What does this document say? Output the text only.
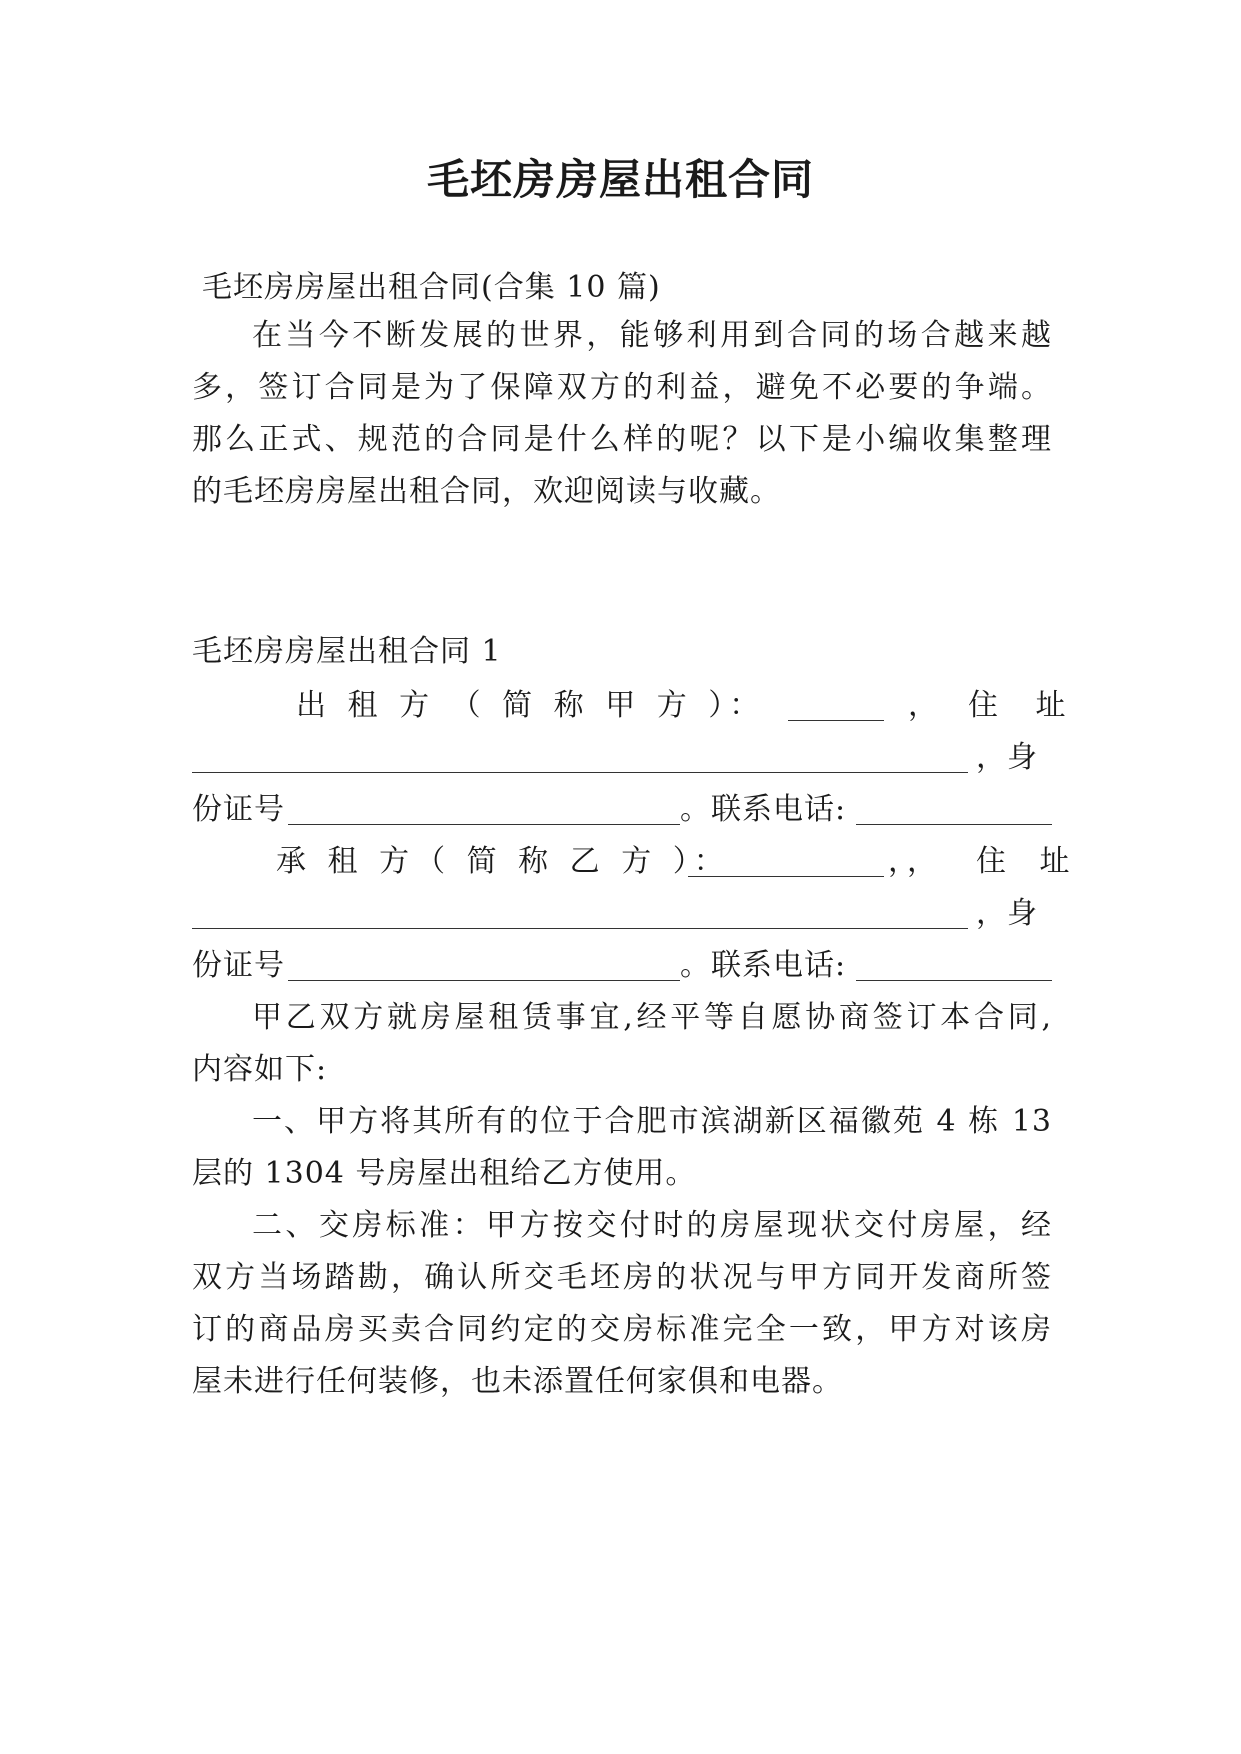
毛坯房房屋出租合同
毛坯房房屋出租合同(合集 10 篇)
在当今不断发展的世界，能够利用到合同的场合越来越
多，签订合同是为了保障双方的利益，避免不必要的争端。
那么正式、规范的合同是什么样的呢？以下是小编收集整理
的毛坯房房屋出租合同，欢迎阅读与收藏。
毛坯房房屋出租合同 1
出 租 方 （ 简 称 甲 方 ）：	， 住 址
，身
份证号	。联系电话:
承 租 方（ 简 称 乙 方 ）：	，， 住 址
，身
份证号	。联系电话:
甲乙双方就房屋租赁事宜,经平等自愿协商签订本合同,
内容如下:
一、甲方将其所有的位于合肥市滨湖新区福徽苑 4 栋 13
层的 1304 号房屋出租给乙方使用。
二、交房标准：甲方按交付时的房屋现状交付房屋，经
双方当场踏勘，确认所交毛坯房的状况与甲方同开发商所签
订的商品房买卖合同约定的交房标准完全一致，甲方对该房
屋未进行任何装修，也未添置任何家俱和电器。
